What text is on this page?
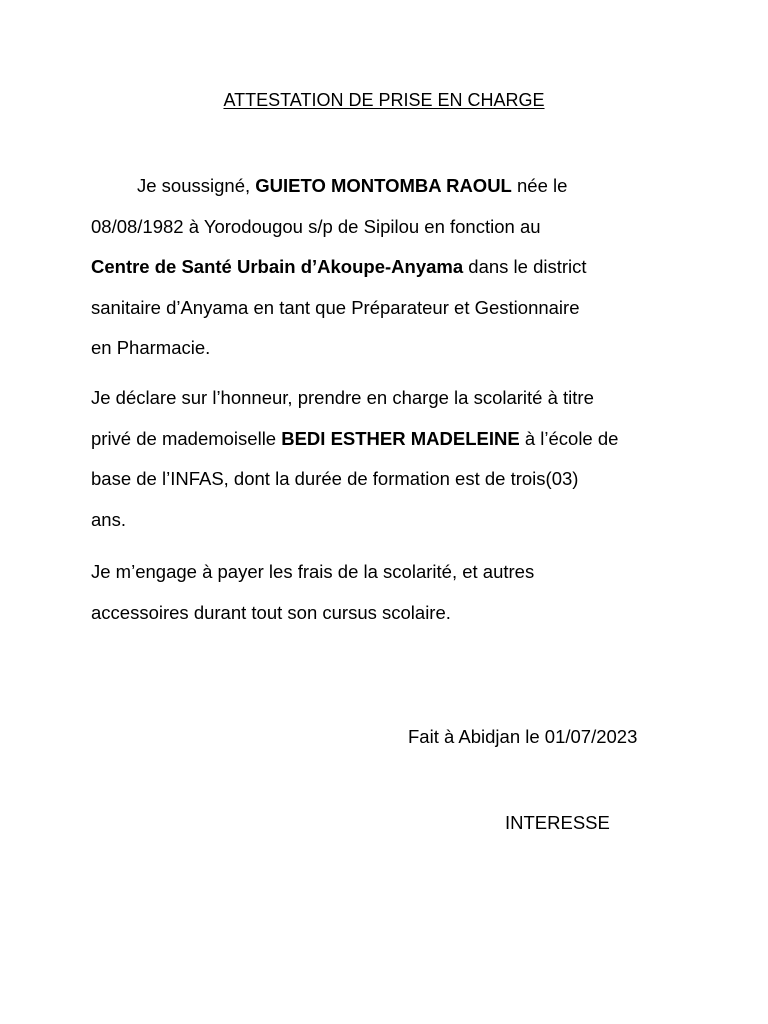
ATTESTATION DE PRISE EN CHARGE
Je soussigné, GUIETO MONTOMBA RAOUL née le
08/08/1982 à Yorodougou s/p de Sipilou en fonction au
Centre de Santé Urbain d’Akoupe-Anyama dans le district
sanitaire d’Anyama en tant que Préparateur et Gestionnaire
en Pharmacie.
Je déclare sur l’honneur, prendre en charge la scolarité à titre
privé de mademoiselle BEDI ESTHER MADELEINE à l’école de
base de l’INFAS, dont la durée de formation est de trois(03)
ans.
Je m’engage à payer les frais de la scolarité, et autres
accessoires durant tout son cursus scolaire.
Fait à Abidjan le 01/07/2023
INTERESSE
